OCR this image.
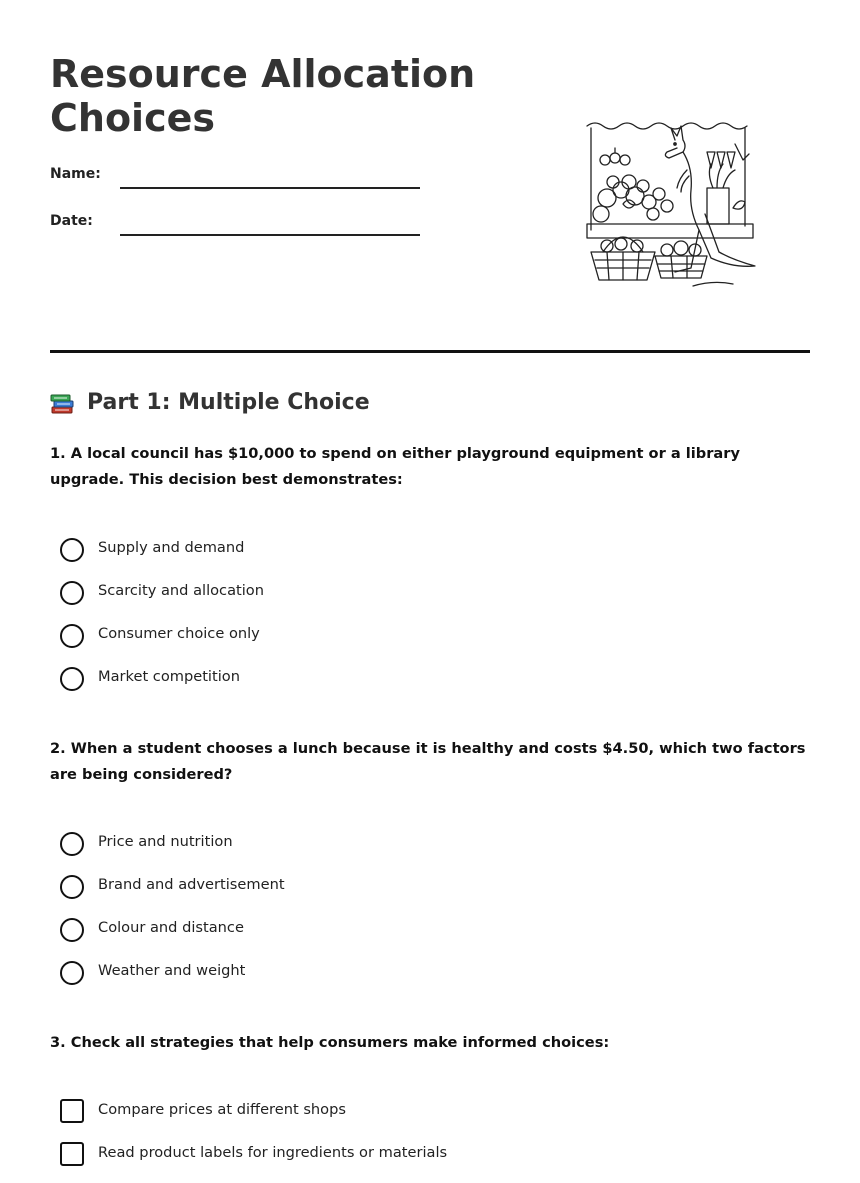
Resource Allocation Choices
Name:
Date:
Part 1: Multiple Choice

1. A local council has $10,000 to spend on either playground equipment or a library upgrade. This decision best demonstrates:

Supply and demand
Scarcity and allocation
Consumer choice only
Market competition

2. When a student chooses a lunch because it is healthy and costs $4.50, which two factors are being considered?

Price and nutrition
Brand and advertisement
Colour and distance
Weather and weight

3. Check all strategies that help consumers make informed choices:

Compare prices at different shops
Read product labels for ingredients or materials
